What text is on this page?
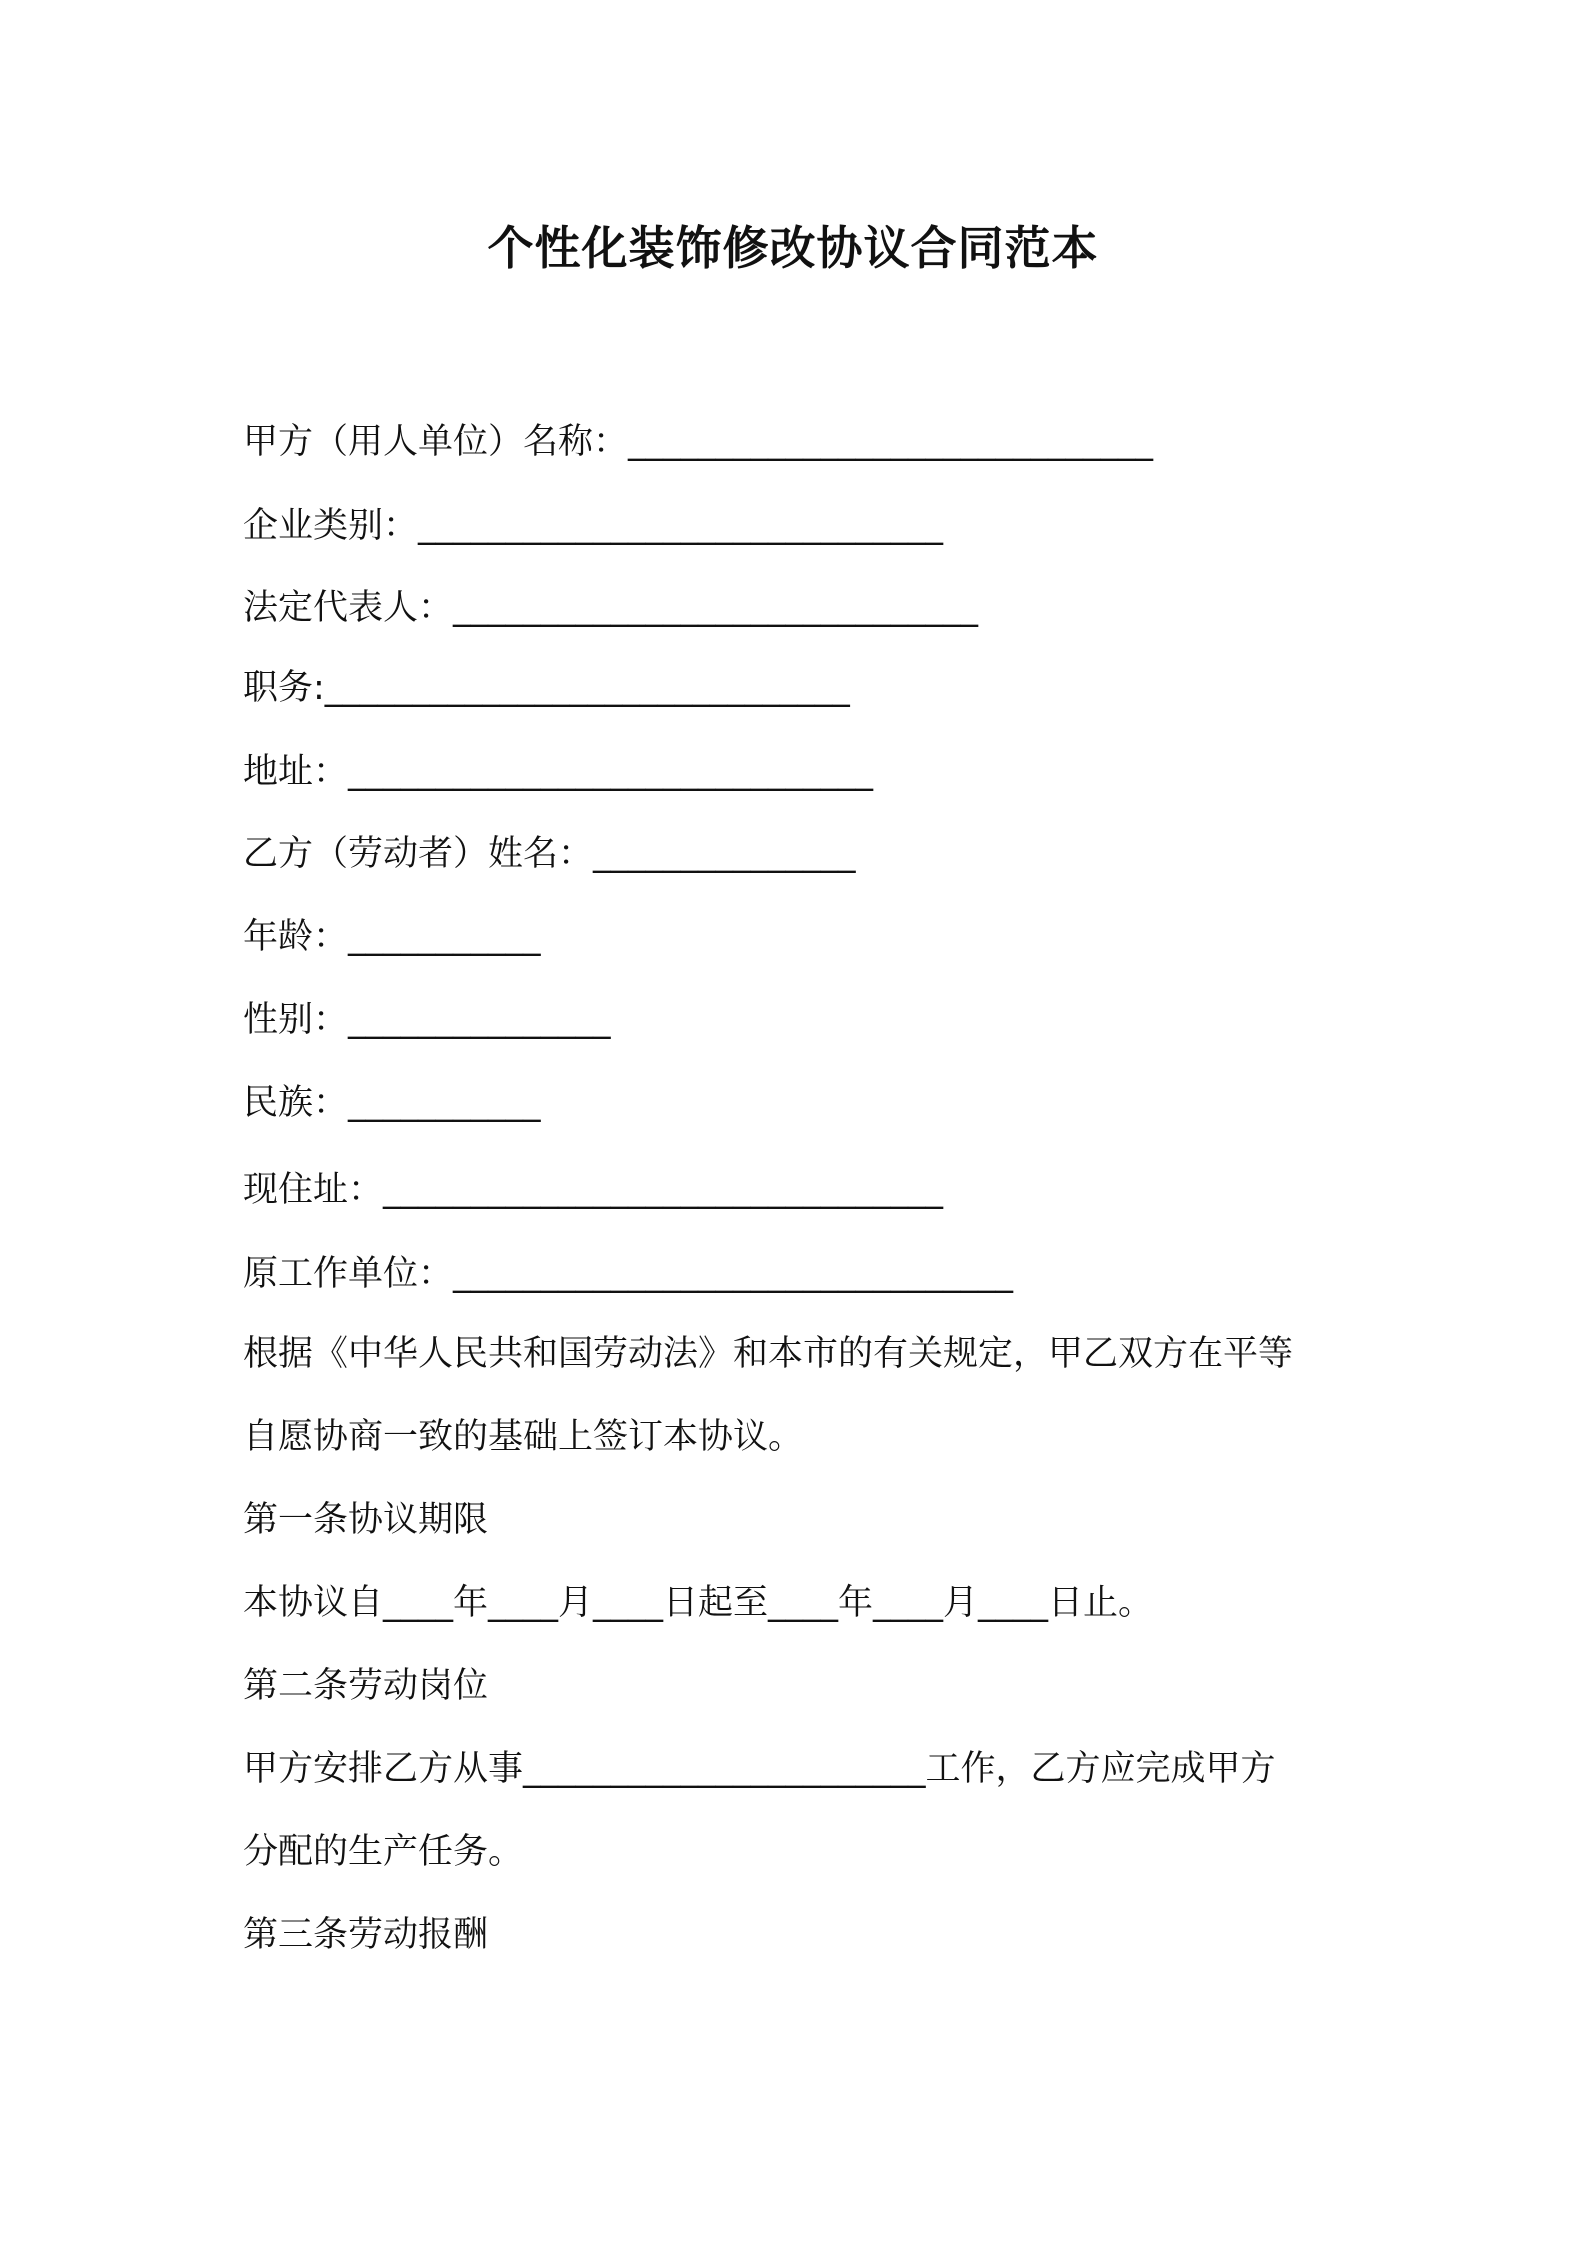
个性化装饰修改协议合同范本

甲方（用人单位）名称：______________________________

企业类别：______________________________

法定代表人：______________________________

职务:______________________________

地址：______________________________

乙方（劳动者）姓名：_______________

年龄：___________

性别：_______________

民族：___________

现住址：________________________________

原工作单位：________________________________

根据《中华人民共和国劳动法》和本市的有关规定，甲乙双方在平等

自愿协商一致的基础上签订本协议。

第一条协议期限

本协议自____年____月____日起至____年____月____日止。

第二条劳动岗位

甲方安排乙方从事_______________________工作，乙方应完成甲方

分配的生产任务。

第三条劳动报酬
